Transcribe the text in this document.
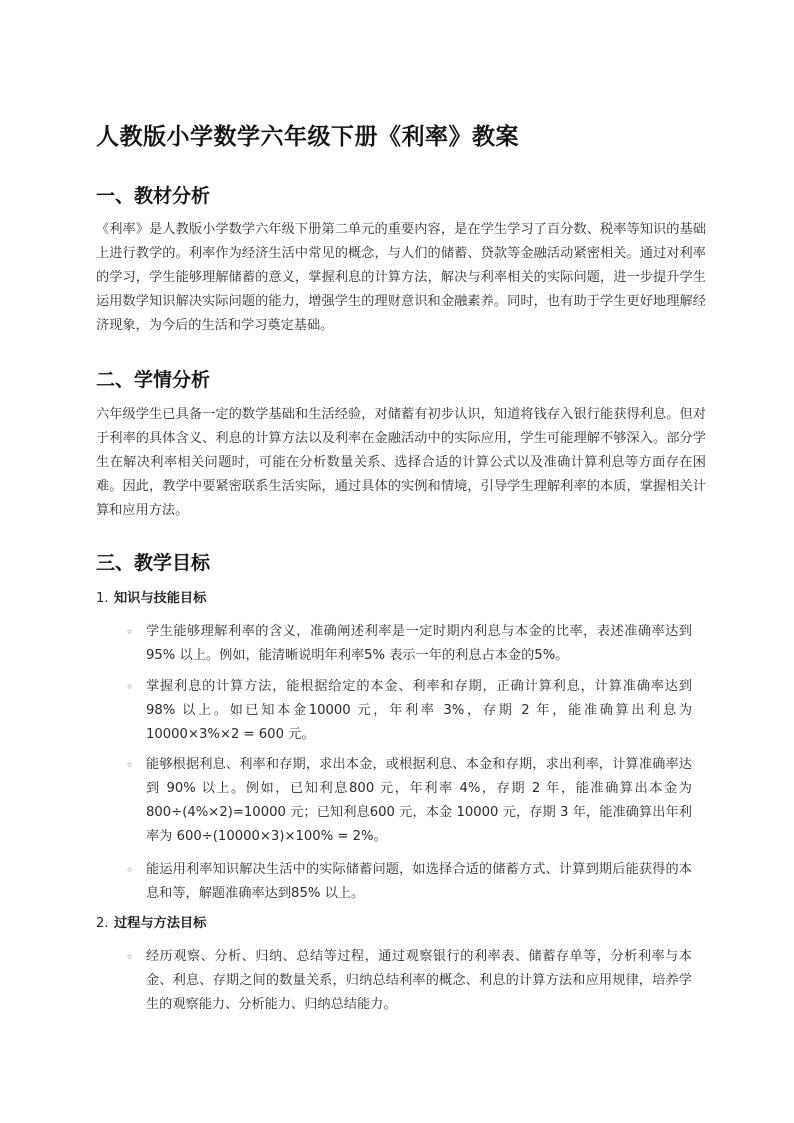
人教版小学数学六年级下册《利率》教案
一、教材分析

《利率》是人教版小学数学六年级下册第二单元的重要内容，是在学生学习了百分数、税率等知识的基础上进行教学的。利率作为经济生活中常见的概念，与人们的储蓄、贷款等金融活动紧密相关。通过对利率的学习，学生能够理解储蓄的意义，掌握利息的计算方法，解决与利率相关的实际问题，进一步提升学生运用数学知识解决实际问题的能力，增强学生的理财意识和金融素养。同时，也有助于学生更好地理解经济现象，为今后的生活和学习奠定基础。

二、学情分析

六年级学生已具备一定的数学基础和生活经验，对储蓄有初步认识，知道将钱存入银行能获得利息。但对于利率的具体含义、利息的计算方法以及利率在金融活动中的实际应用，学生可能理解不够深入。部分学生在解决利率相关问题时，可能在分析数量关系、选择合适的计算公式以及准确计算利息等方面存在困难。因此，教学中要紧密联系生活实际，通过具体的实例和情境，引导学生理解利率的本质，掌握相关计算和应用方法。

三、教学目标
1. 知识与技能目标
◦ 学生能够理解利率的含义，准确阐述利率是一定时期内利息与本金的比率，表述准确率达到 95% 以上。例如，能清晰说明年利率5% 表示一年的利息占本金的5%。
◦ 掌握利息的计算方法，能根据给定的本金、利率和存期，正确计算利息，计算准确率达到 98% 以上。如已知本金10000 元，年利率 3%，存期 2 年，能准确算出利息为 10000×3%×2 = 600 元。
◦ 能够根据利息、利率和存期，求出本金，或根据利息、本金和存期，求出利率，计算准确率达到 90% 以上。例如，已知利息800 元，年利率 4%，存期 2 年，能准确算出本金为 800÷(4%×2)=10000 元；已知利息600 元，本金 10000 元，存期 3 年，能准确算出年利率为 600÷(10000×3)×100% = 2%。
◦ 能运用利率知识解决生活中的实际储蓄问题，如选择合适的储蓄方式、计算到期后能获得的本息和等，解题准确率达到85% 以上。
2. 过程与方法目标
◦ 经历观察、分析、归纳、总结等过程，通过观察银行的利率表、储蓄存单等，分析利率与本金、利息、存期之间的数量关系，归纳总结利率的概念、利息的计算方法和应用规律，培养学生的观察能力、分析能力、归纳总结能力。
